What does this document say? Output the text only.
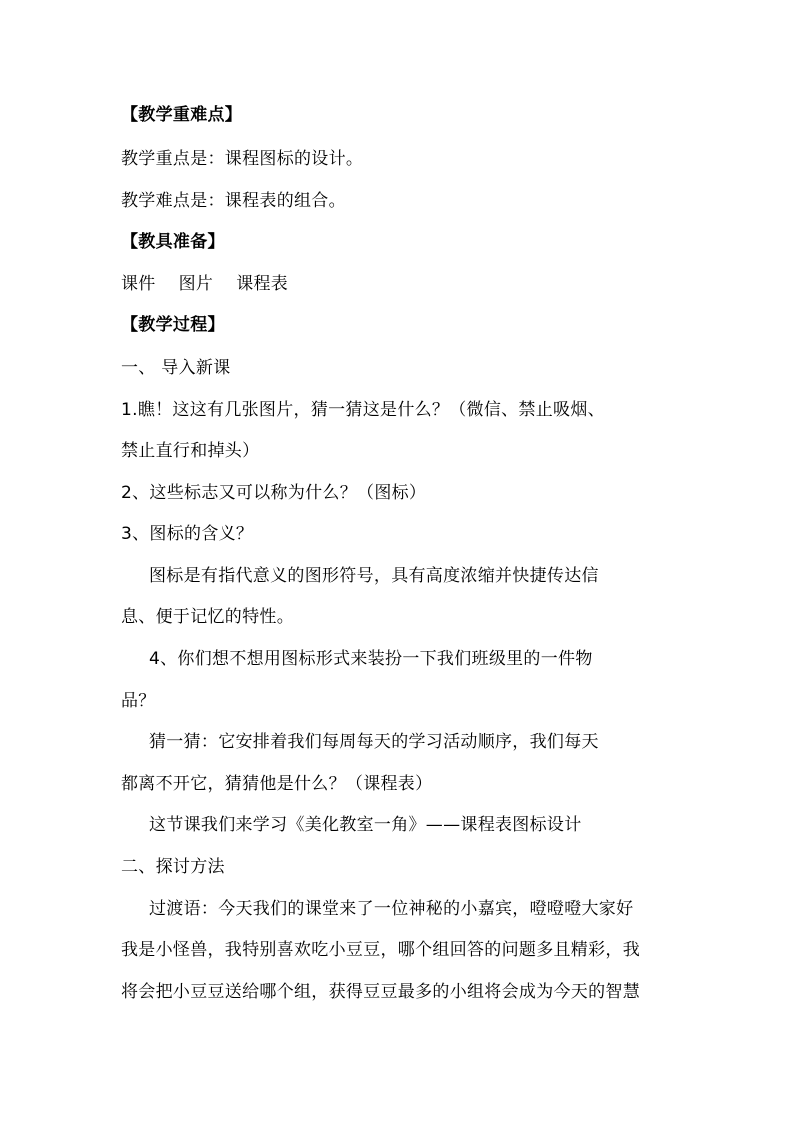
【教学重难点】
教学重点是：课程图标的设计。
教学难点是：课程表的组合。
【教具准备】
课件　 图片　 课程表
【教学过程】
一、 导入新课
1.瞧！这这有几张图片，猜一猜这是什么？（微信、禁止吸烟、
禁止直行和掉头）
2、这些标志又可以称为什么？（图标）
3、图标的含义？
图标是有指代意义的图形符号，具有高度浓缩并快捷传达信
息、便于记忆的特性。
4、你们想不想用图标形式来装扮一下我们班级里的一件物
品？
猜一猜：它安排着我们每周每天的学习活动顺序，我们每天
都离不开它，猜猜他是什么？（课程表）
这节课我们来学习《美化教室一角》——课程表图标设计
二、探讨方法
过渡语：今天我们的课堂来了一位神秘的小嘉宾，噔噔噔大家好
我是小怪兽，我特别喜欢吃小豆豆，哪个组回答的问题多且精彩，我
将会把小豆豆送给哪个组，获得豆豆最多的小组将会成为今天的智慧
